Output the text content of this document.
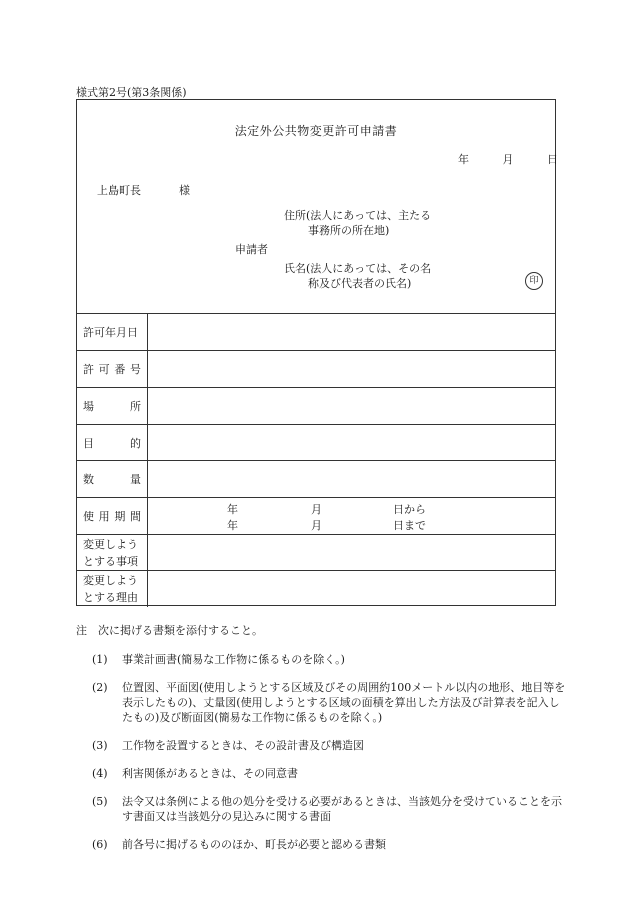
様式第2号(第3条関係)
法定外公共物変更許可申請書
年	月	日
上島町長	様
住所(法人にあっては、主たる
事務所の所在地)
申請者
氏名(法人にあっては、その名
称及び代表者の氏名)	印
許可年月日
許 可 番 号
場	所
目	的
数	量
使 用 期 間
年	月	日から
年	月	日まで
変更しよう
とする事項
変更しよう
とする理由
注　次に掲げる書類を添付すること。
(1) 事業計画書(簡易な工作物に係るものを除く。)
(2) 位置図、平面図(使用しようとする区域及びその周囲約100メートル以内の地形、地目等を表示したもの)、丈量図(使用しようとする区域の面積を算出した方法及び計算表を記入したもの)及び断面図(簡易な工作物に係るものを除く。)
(3) 工作物を設置するときは、その設計書及び構造図
(4) 利害関係があるときは、その同意書
(5) 法令又は条例による他の処分を受ける必要があるときは、当該処分を受けていることを示す書面又は当該処分の見込みに関する書面
(6) 前各号に掲げるもののほか、町長が必要と認める書類
